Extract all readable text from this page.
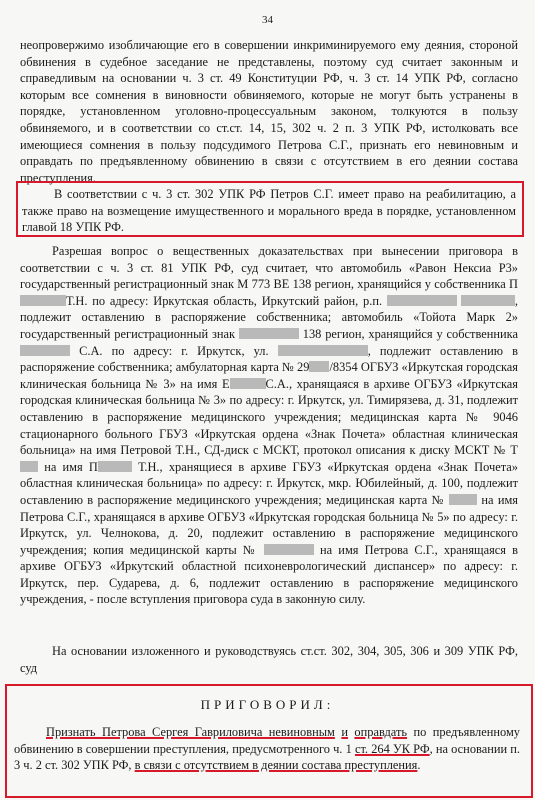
34
неопровержимо изобличающие его в совершении инкриминируемого ему деяния, стороной обвинения в судебное заседание не представлены, поэтому суд считает законным и справедливым на основании ч. 3 ст. 49 Конституции РФ, ч. 3 ст. 14 УПК РФ, согласно которым все сомнения в виновности обвиняемого, которые не могут быть устранены в порядке, установленном уголовно-процессуальным законом, толкуются в пользу обвиняемого, и в соответствии со ст.ст. 14, 15, 302 ч. 2 п. 3 УПК РФ, истолковать все имеющиеся сомнения в пользу подсудимого Петрова С.Г., признать его невиновным и оправдать по предъявленному обвинению в связи с отсутствием в его деянии состава преступления.
В соответствии с ч. 3 ст. 302 УПК РФ Петров С.Г. имеет право на реабилитацию, а также право на возмещение имущественного и морального вреда в порядке, установленном главой 18 УПК РФ.
Разрешая вопрос о вещественных доказательствах при вынесении приговора в соответствии с ч. 3 ст. 81 УПК РФ, суд считает, что автомобиль «Равон Нексиа Р3» государственный регистрационный знак М 773 ВЕ 138 регион, хранящийся у собственника ПТ.Н. по адресу: Иркутская область, Иркутский район, р.п.	, подлежит оставлению в распоряжение собственника; автомобиль «Тойота Марк 2» государственный регистрационный знак	138 регион, хранящийся у собственника  С.А. по адресу: г. Иркутск, ул.	, подлежит оставлению в распоряжение собственника; амбулаторная карта № 29 /8354 ОГБУЗ «Иркутская городская клиническая больница № 3» на имя Е	С.А., хранящаяся в архиве ОГБУЗ «Иркутская городская клиническая больница № 3» по адресу: г. Иркутск, ул. Тимирязева, д. 31, подлежит оставлению в распоряжение медицинского учреждения; медицинская карта № 9046 стационарного больного ГБУЗ «Иркутская ордена «Знак Почета» областная клиническая больница» на имя Петровой Т.Н., СД-диск с МСКТ, протокол описания к диску МСКТ № Т на имя П	Т.Н., хранящиеся в архиве ГБУЗ «Иркутская ордена «Знак Почета» областная клиническая больница» по адресу: г. Иркутск, мкр. Юбилейный, д. 100, подлежит оставлению в распоряжение медицинского учреждения; медицинская карта №	на имя Петрова С.Г., хранящаяся в архиве ОГБУЗ «Иркутская городская больница № 5» по адресу: г. Иркутск, ул. Челнокова, д. 20, подлежит оставлению в распоряжение медицинского учреждения; копия медицинской карты №	на имя Петрова С.Г., хранящаяся в архиве ОГБУЗ «Иркутский областной психоневрологический диспансер» по адресу: г. Иркутск, пер. Сударева, д. 6, подлежит оставлению в распоряжение медицинского учреждения, - после вступления приговора суда в законную силу.
На основании изложенного и руководствуясь ст.ст. 302, 304, 305, 306 и 309 УПК РФ, суд
ПРИГОВОРИЛ:
Признать Петрова Сергея Гавриловича невиновным и оправдать по предъявленному обвинению в совершении преступления, предусмотренного ч. 1 ст. 264 УК РФ, на основании п. 3 ч. 2 ст. 302 УПК РФ, в связи с отсутствием в деянии состава преступления.
